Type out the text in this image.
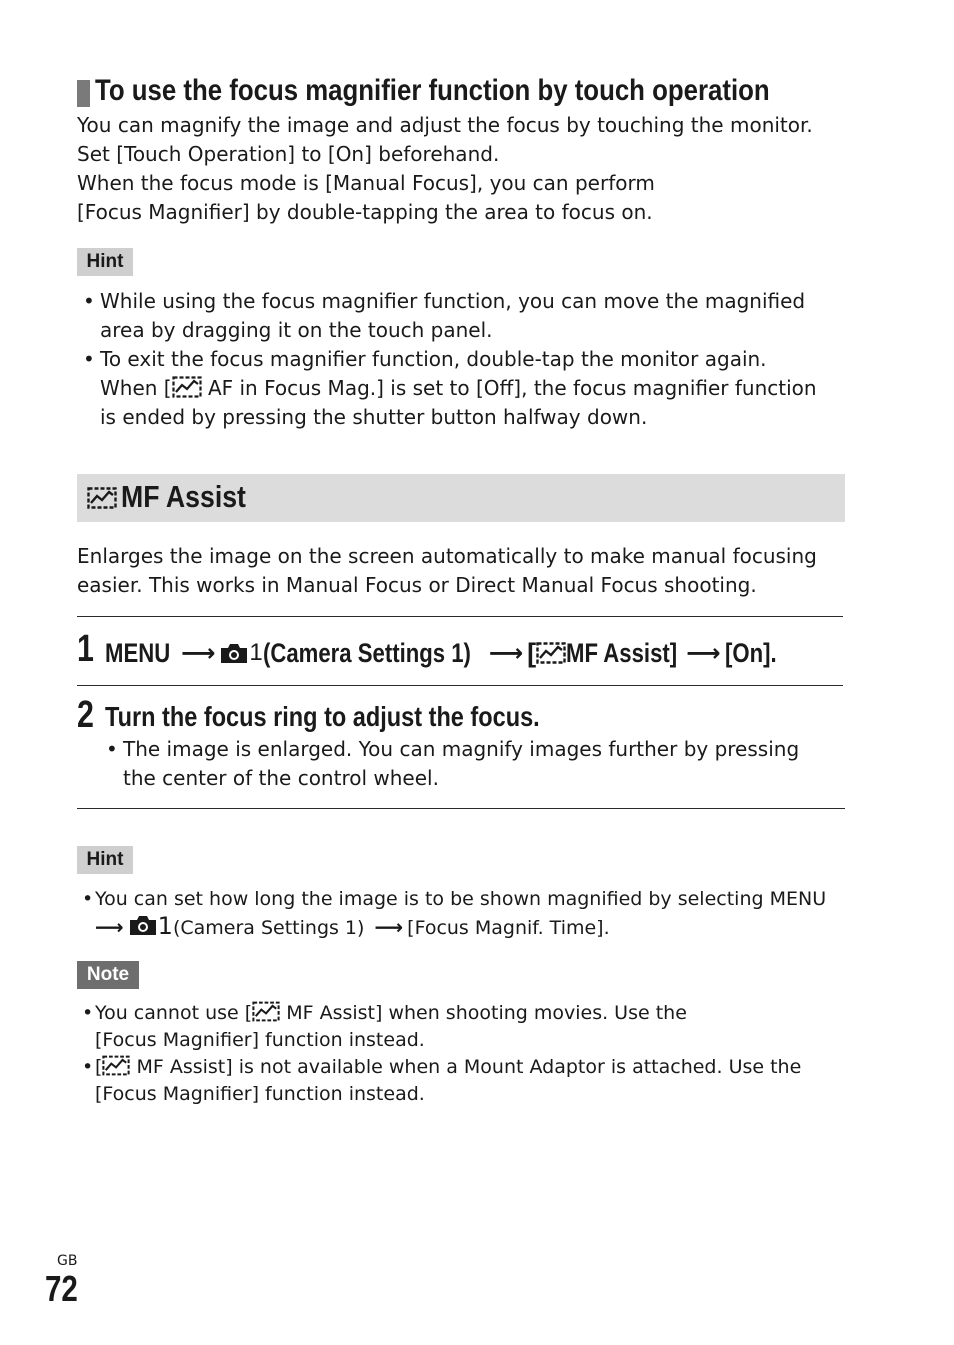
To use the focus magnifier function by touch operation

You can magnify the image and adjust the focus by touching the monitor.

Set [Touch Operation] to [On] beforehand.

When the focus mode is [Manual Focus], you can perform

[Focus Magnifier] by double-tapping the area to focus on.

Hint
• While using the focus magnifier function, you can move the magnified
area by dragging it on the touch panel.
• To exit the focus magnifier function, double-tap the monitor again.
When [ AF in Focus Mag.] is set to [Off], the focus magnifier function
is ended by pressing the shutter button halfway down.
MF Assist

Enlarges the image on the screen automatically to make manual focusing

easier. This works in Manual Focus or Direct Manual Focus shooting.

1 MENU ⟶ 1 (Camera Settings 1) ⟶ [ MF Assist] ⟶ [On].
2 Turn the focus ring to adjust the focus.
• The image is enlarged. You can magnify images further by pressing
the center of the control wheel.
Hint
• You can set how long the image is to be shown magnified by selecting MENU
⟶ 1(Camera Settings 1) ⟶ [Focus Magnif. Time].
Note
• You cannot use [ MF Assist] when shooting movies. Use the
[Focus Magnifier] function instead.
• [ MF Assist] is not available when a Mount Adaptor is attached. Use the
[Focus Magnifier] function instead.
GB
72
